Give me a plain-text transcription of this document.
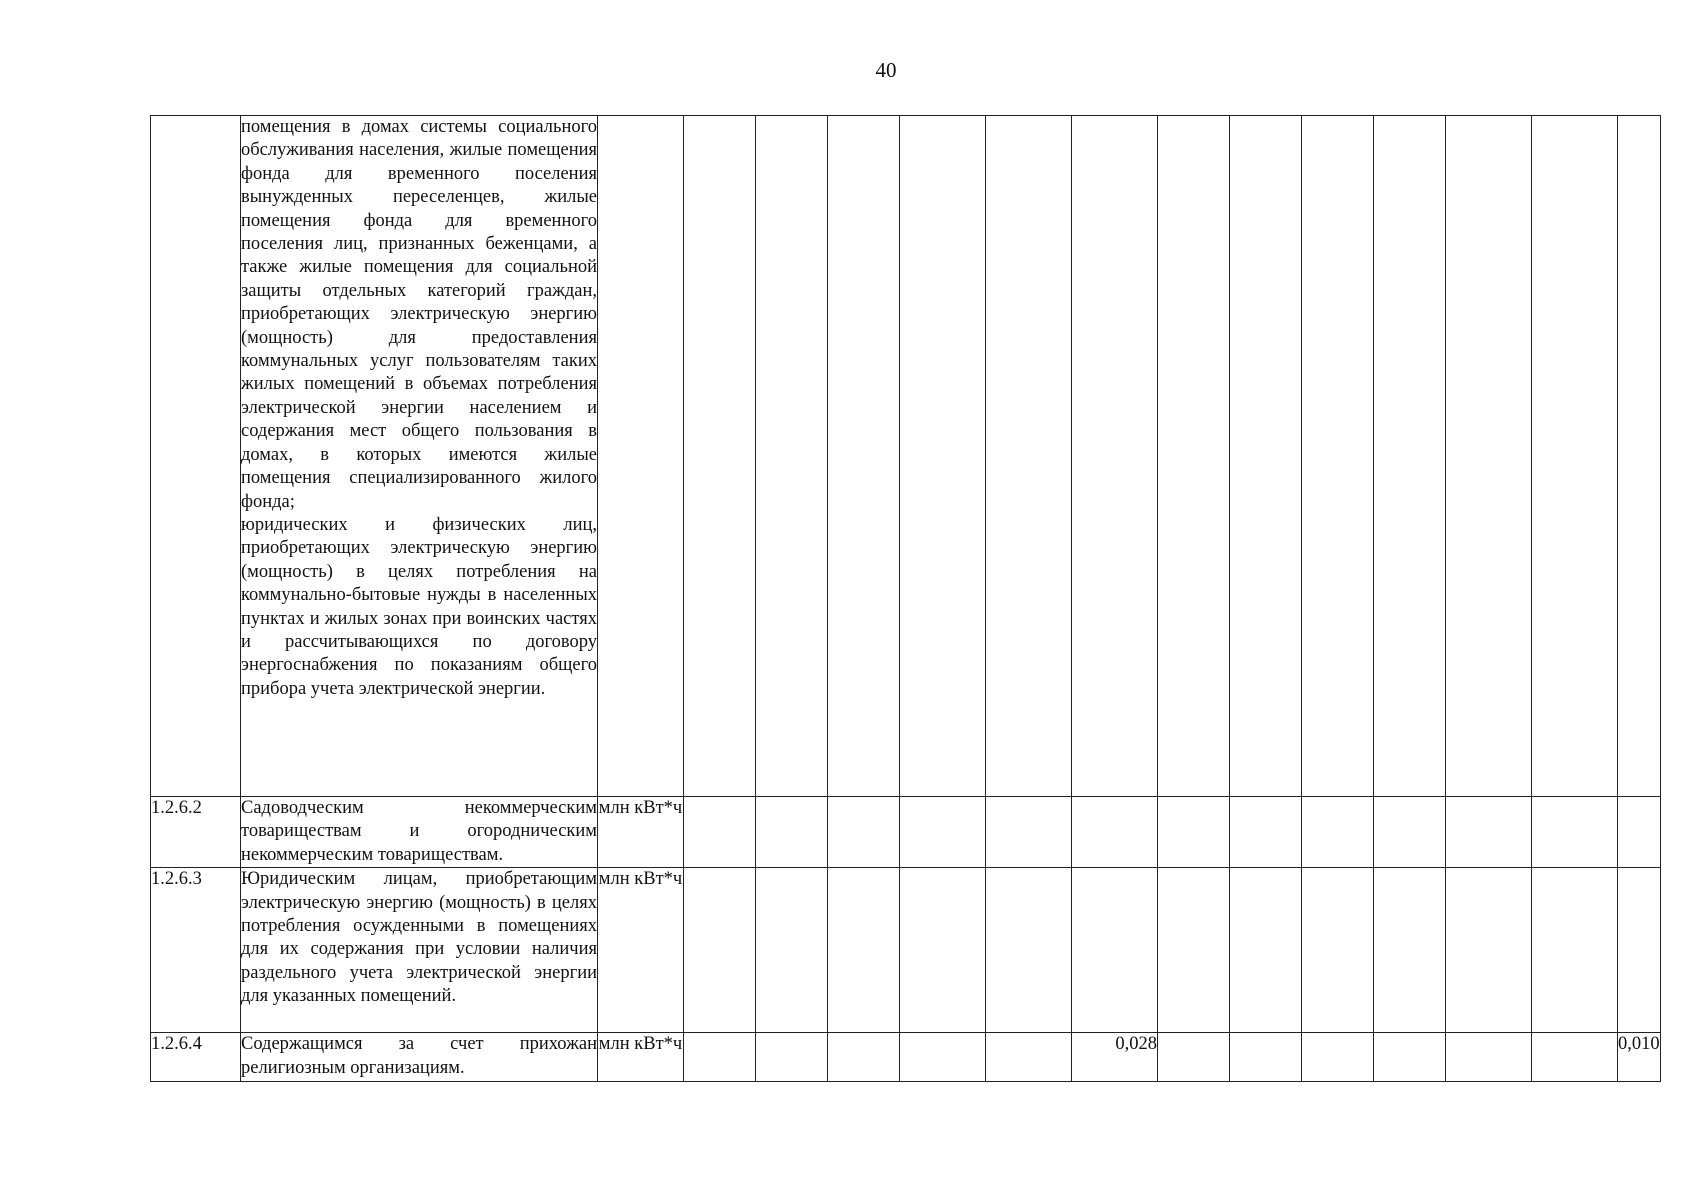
40

	помещения в домах системы социального обслуживания населения, жилые помещения фонда для временного поселения вынужденных переселенцев, жилые помещения фонда для временного поселения лиц, признанных беженцами, а также жилые помещения для социальной защиты отдельных категорий граждан, приобретающих электрическую энергию (мощность) для предоставления коммунальных услуг пользователям таких жилых помещений в объемах потребления электрической энергии населением и содержания мест общего пользования в домах, в которых имеются жилые помещения специализированного жилого фонда;
юридических и физических лиц, приобретающих электрическую энергию (мощность) в целях потребления на коммунально-бытовые нужды в населенных пунктах и жилых зонах при воинских частях и рассчитывающихся по договору энергоснабжения по показаниям общего прибора учета электрической энергии.														

1.2.6.2	Садоводческим некоммерческим товариществам и огородническим некоммерческим товариществам.	млн кВт*ч													
1.2.6.3	Юридическим лицам, приобретающим электрическую энергию (мощность) в целях потребления осужденными в помещениях для их содержания при условии наличия раздельного учета электрической энергии для указанных помещений.	млн кВт*ч													
1.2.6.4	Содержащимся за счет прихожан религиозным организациям.	млн кВт*ч						0,028							0,010
